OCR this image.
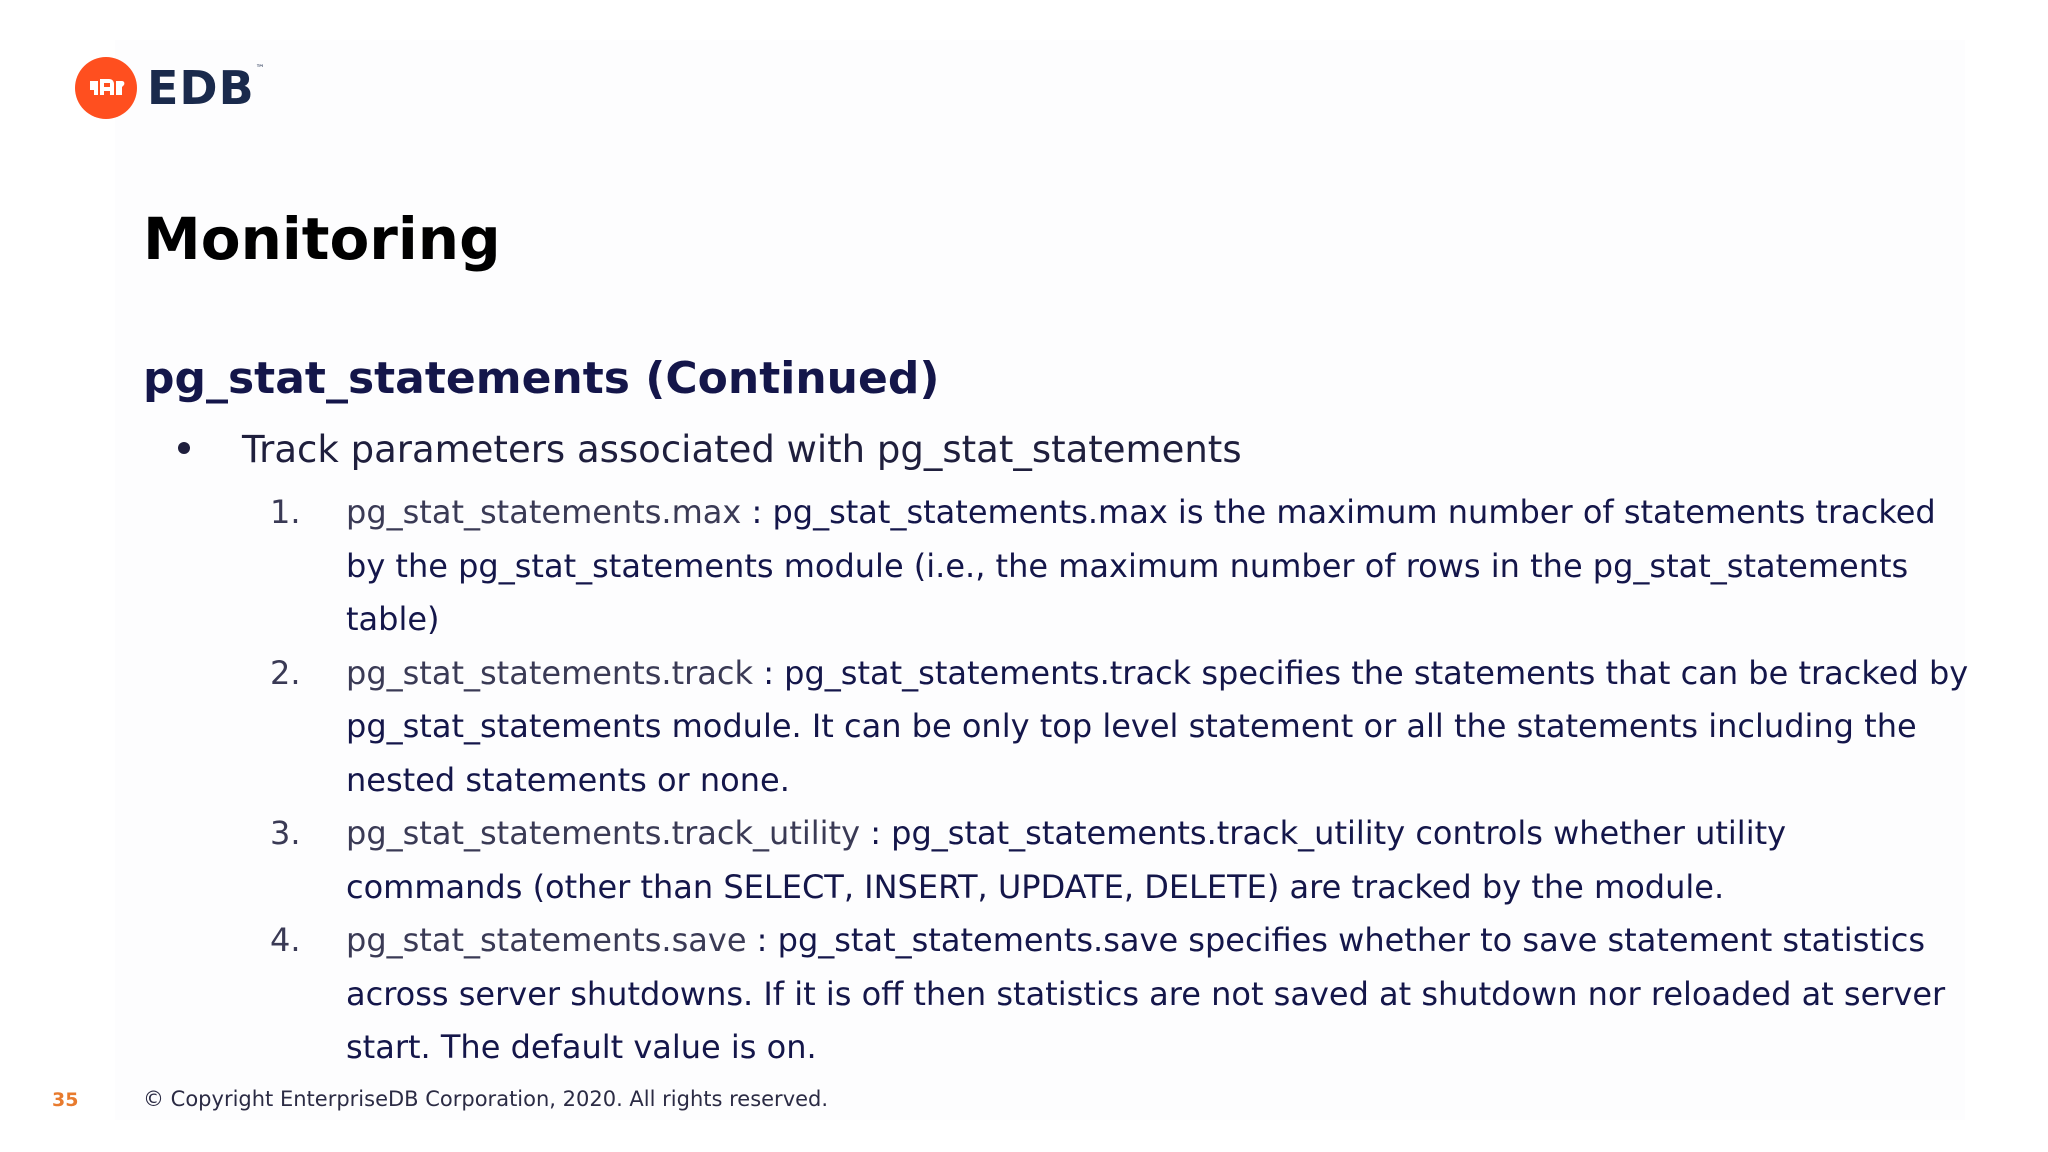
EDB ™
Monitoring
pg_stat_statements (Continued)
Track parameters associated with pg_stat_statements
1.	pg_stat_statements.max : pg_stat_statements.max is the maximum number of statements tracked by the pg_stat_statements module (i.e., the maximum number of rows in the pg_stat_statements table)
2.	pg_stat_statements.track : pg_stat_statements.track specifies the statements that can be tracked by pg_stat_statements module. It can be only top level statement or all the statements including the nested statements or none.
3.	pg_stat_statements.track_utility : pg_stat_statements.track_utility controls whether utility commands (other than SELECT, INSERT, UPDATE, DELETE) are tracked by the module.
4.	pg_stat_statements.save : pg_stat_statements.save specifies whether to save statement statistics across server shutdowns. If it is off then statistics are not saved at shutdown nor reloaded at server start. The default value is on.
35	© Copyright EnterpriseDB Corporation, 2020. All rights reserved.
